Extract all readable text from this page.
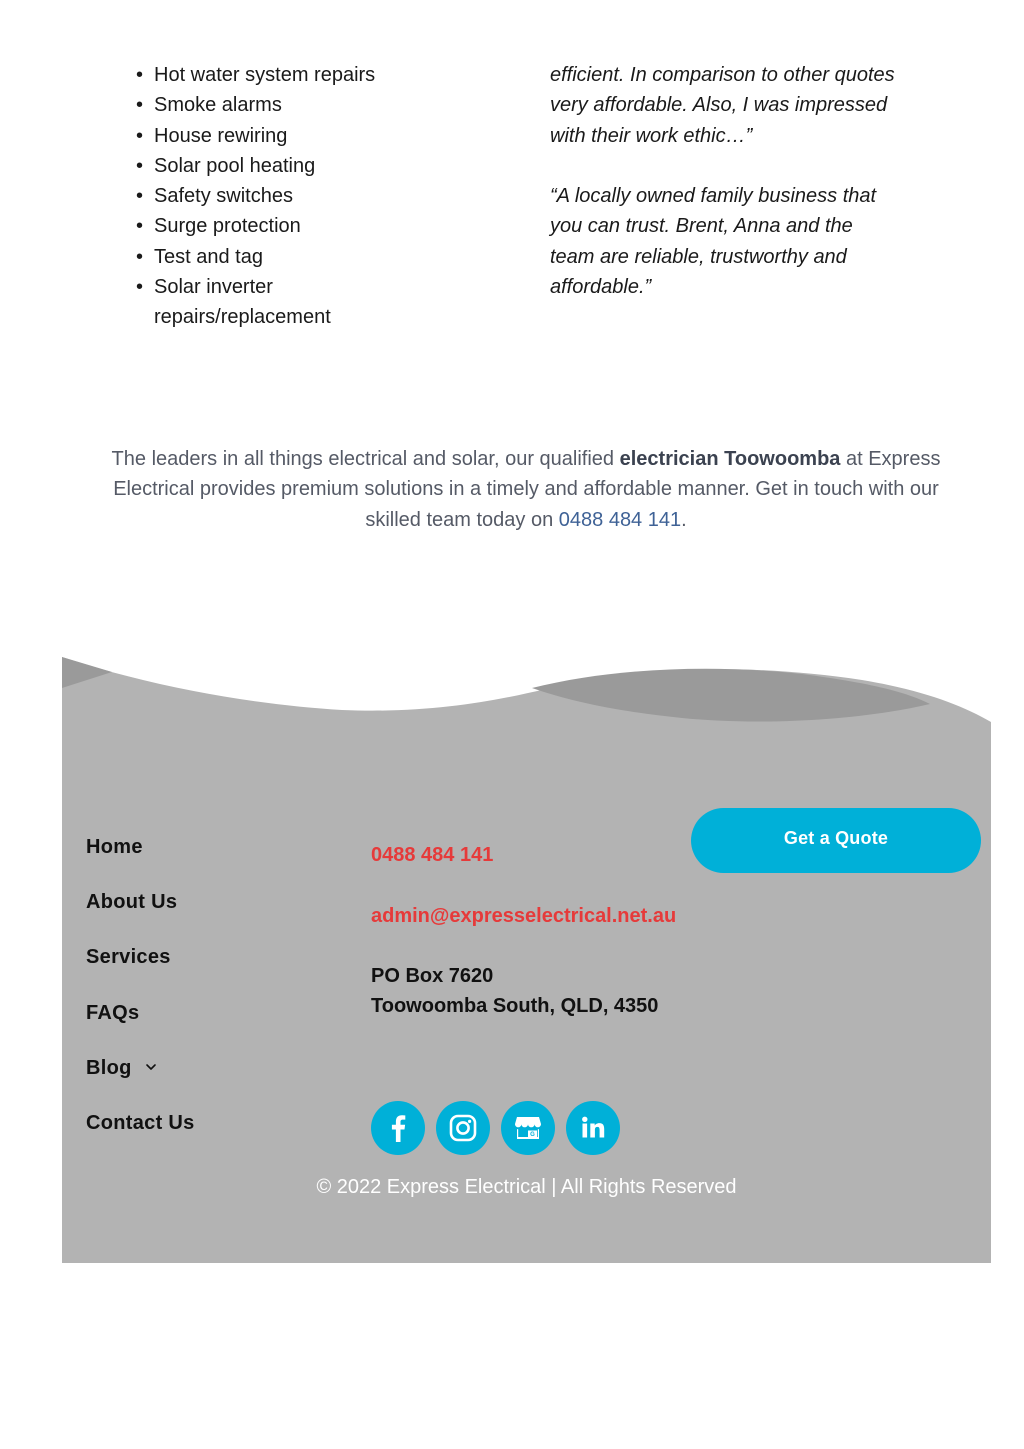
• Hot water system repairs
• Smoke alarms
• House rewiring
• Solar pool heating
• Safety switches
• Surge protection
• Test and tag
• Solar inverter repairs/replacement

efficient. In comparison to other quotes very affordable. Also, I was impressed with their work ethic…”

“A locally owned family business that you can trust. Brent, Anna and the team are reliable, trustworthy and affordable.”

The leaders in all things electrical and solar, our qualified electrician Toowoomba at Express Electrical provides premium solutions in a timely and affordable manner. Get in touch with our skilled team today on 0488 484 141.

Home
About Us
Services
FAQs
Blog
Contact Us
0488 484 141
admin@expresselectrical.net.au
PO Box 7620
Toowoomba South, QLD, 4350
Get a Quote
G

© 2022 Express Electrical | All Rights Reserved
